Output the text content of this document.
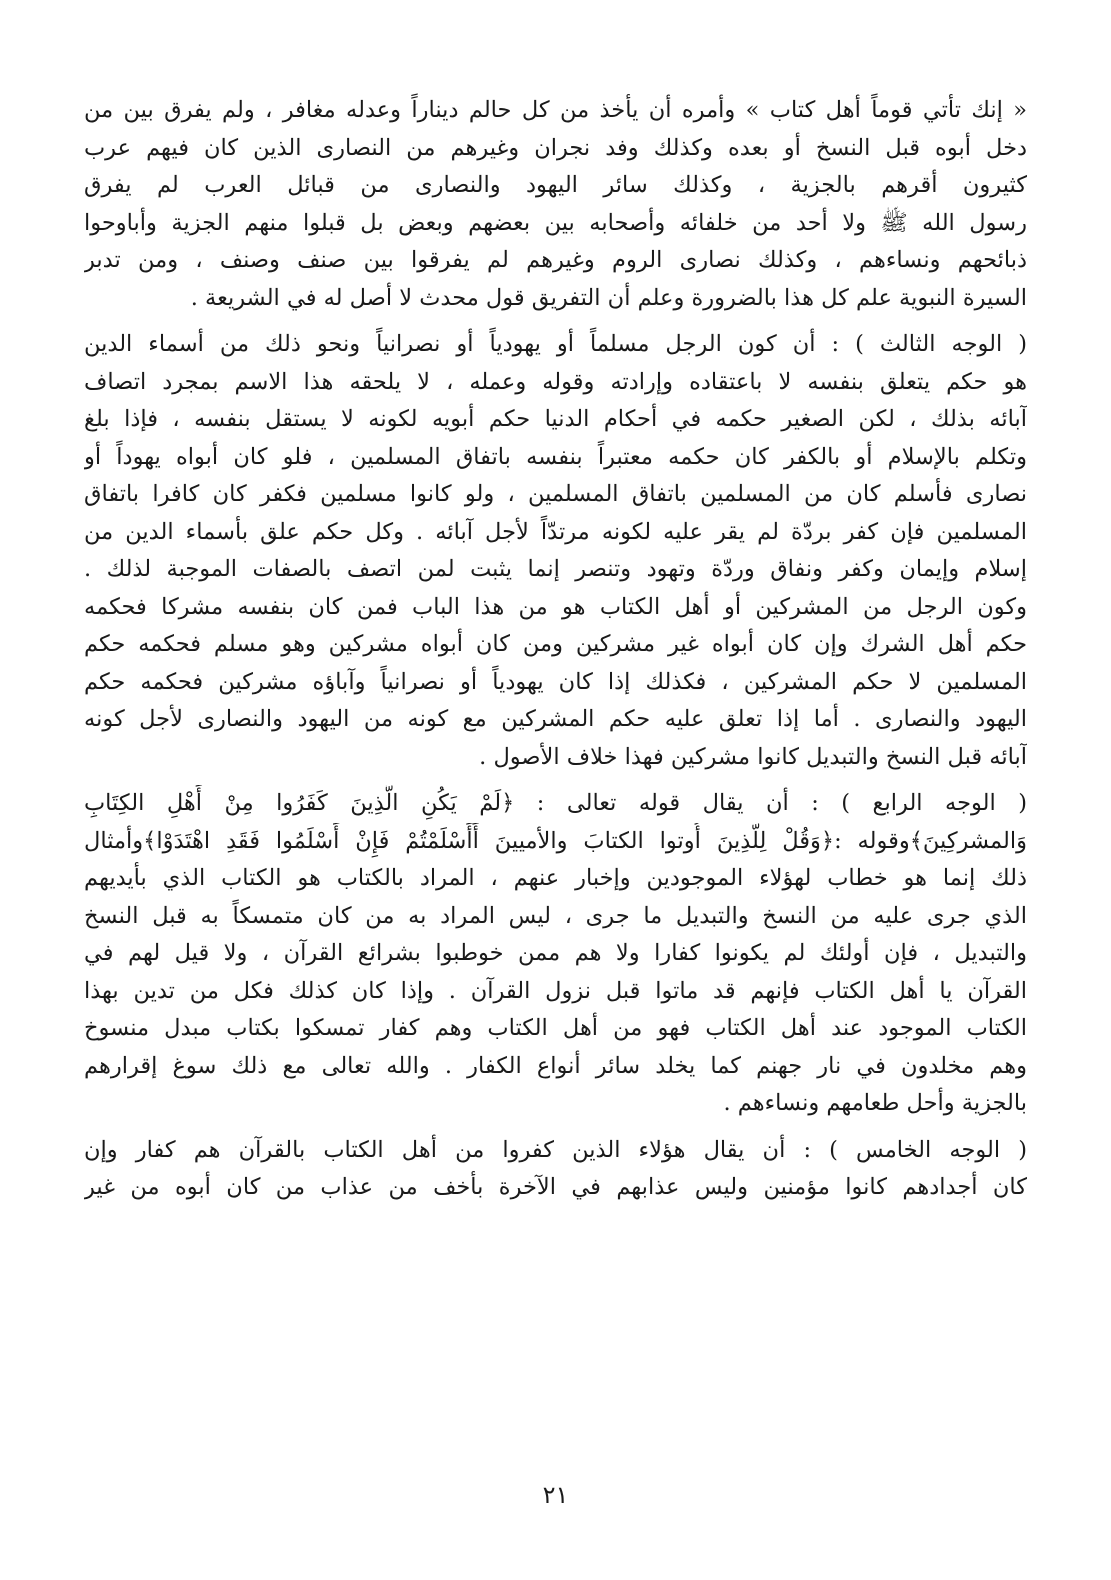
« إنك تأتي قوماً أهل كتاب » وأمره أن يأخذ من كل حالم ديناراً وعدله مغافر ، ولم يفرق بين من
دخل أبوه قبل النسخ أو بعده وكذلك وفد نجران وغيرهم من النصارى الذين كان فيهم عرب
كثيرون أقرهم بالجزية ، وكذلك سائر اليهود والنصارى من قبائل العرب لم يفرق
رسول الله ﷺ ولا أحد من خلفائه وأصحابه بين بعضهم وبعض بل قبلوا منهم الجزية وأباوحوا
ذبائحهم ونساءهم ، وكذلك نصارى الروم وغيرهم لم يفرقوا بين صنف وصنف ، ومن تدبر
السيرة النبوية علم كل هذا بالضرورة وعلم أن التفريق قول محدث لا أصل له في الشريعة .
( الوجه الثالث ) : أن كون الرجل مسلماً أو يهودياً أو نصرانياً ونحو ذلك من أسماء الدين
هو حكم يتعلق بنفسه لا باعتقاده وإرادته وقوله وعمله ، لا يلحقه هذا الاسم بمجرد اتصاف
آبائه بذلك ، لكن الصغير حكمه في أحكام الدنيا حكم أبويه لكونه لا يستقل بنفسه ، فإذا بلغ
وتكلم بالإسلام أو بالكفر كان حكمه معتبراً بنفسه باتفاق المسلمين ، فلو كان أبواه يهوداً أو
نصارى فأسلم كان من المسلمين باتفاق المسلمين ، ولو كانوا مسلمين فكفر كان كافرا باتفاق
المسلمين فإن كفر بردّة لم يقر عليه لكونه مرتدّاً لأجل آبائه . وكل حكم علق بأسماء الدين من
إسلام وإيمان وكفر ونفاق وردّة وتهود وتنصر إنما يثبت لمن اتصف بالصفات الموجبة لذلك .
وكون الرجل من المشركين أو أهل الكتاب هو من هذا الباب فمن كان بنفسه مشركا فحكمه
حكم أهل الشرك وإن كان أبواه غير مشركين ومن كان أبواه مشركين وهو مسلم فحكمه حكم
المسلمين لا حكم المشركين ، فكذلك إذا كان يهودياً أو نصرانياً وآباؤه مشركين فحكمه حكم
اليهود والنصارى . أما إذا تعلق عليه حكم المشركين مع كونه من اليهود والنصارى لأجل كونه
آبائه قبل النسخ والتبديل كانوا مشركين فهذا خلاف الأصول .
( الوجه الرابع ) : أن يقال قوله تعالى : ﴿لَمْ يَكُنِ الَّذِينَ كَفَرُوا مِنْ أَهْلِ الكِتَابِ
وَالمشركِينَ﴾وقوله :﴿وَقُلْ لِلّذِينَ أُوتوا الكتابَ والأميينَ أَأَسْلَمْتُمْ فَإِنْ أَسْلَمُوا فَقَدِ اهْتَدَوْا﴾وأمثال
ذلك إنما هو خطاب لهؤلاء الموجودين وإخبار عنهم ، المراد بالكتاب هو الكتاب الذي بأيديهم
الذي جرى عليه من النسخ والتبديل ما جرى ، ليس المراد به من كان متمسكاً به قبل النسخ
والتبديل ، فإن أولئك لم يكونوا كفارا ولا هم ممن خوطبوا بشرائع القرآن ، ولا قيل لهم في
القرآن يا أهل الكتاب فإنهم قد ماتوا قبل نزول القرآن . وإذا كان كذلك فكل من تدين بهذا
الكتاب الموجود عند أهل الكتاب فهو من أهل الكتاب وهم كفار تمسكوا بكتاب مبدل منسوخ
وهم مخلدون في نار جهنم كما يخلد سائر أنواع الكفار . والله تعالى مع ذلك سوغ إقرارهم
بالجزية وأحل طعامهم ونساءهم .
( الوجه الخامس ) : أن يقال هؤلاء الذين كفروا من أهل الكتاب بالقرآن هم كفار وإن
كان أجدادهم كانوا مؤمنين وليس عذابهم في الآخرة بأخف من عذاب من كان أبوه من غير
٢١
